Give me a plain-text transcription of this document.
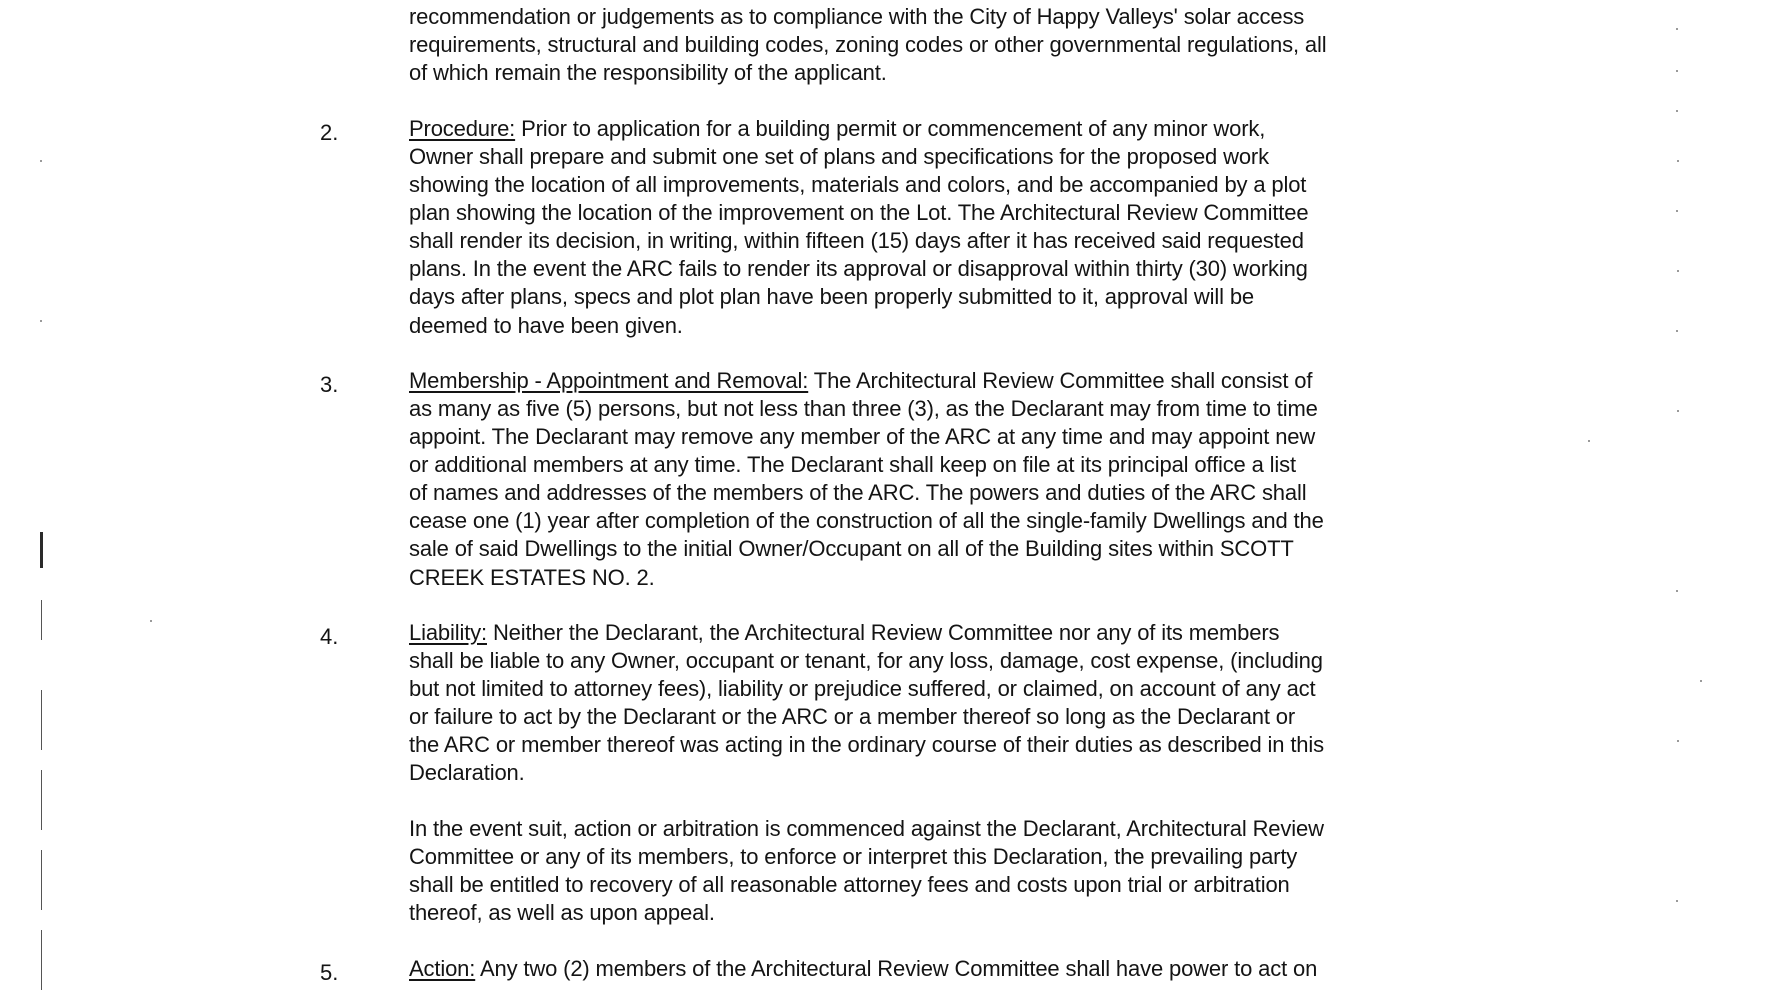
recommendation or judgements as to compliance with the City of Happy Valleys' solar access
requirements, structural and building codes, zoning codes or other governmental regulations, all
of which remain the responsibility of the applicant.
2.	Procedure: Prior to application for a building permit or commencement of any minor work,
Owner shall prepare and submit one set of plans and specifications for the proposed work
showing the location of all improvements, materials and colors, and be accompanied by a plot
plan showing the location of the improvement on the Lot. The Architectural Review Committee
shall render its decision, in writing, within fifteen (15) days after it has received said requested
plans. In the event the ARC fails to render its approval or disapproval within thirty (30) working
days after plans, specs and plot plan have been properly submitted to it, approval will be
deemed to have been given.
3.	Membership - Appointment and Removal: The Architectural Review Committee shall consist of
as many as five (5) persons, but not less than three (3), as the Declarant may from time to time
appoint. The Declarant may remove any member of the ARC at any time and may appoint new
or additional members at any time. The Declarant shall keep on file at its principal office a list
of names and addresses of the members of the ARC. The powers and duties of the ARC shall
cease one (1) year after completion of the construction of all the single-family Dwellings and the
sale of said Dwellings to the initial Owner/Occupant on all of the Building sites within SCOTT
CREEK ESTATES NO. 2.
4.	Liability: Neither the Declarant, the Architectural Review Committee nor any of its members
shall be liable to any Owner, occupant or tenant, for any loss, damage, cost expense, (including
but not limited to attorney fees), liability or prejudice suffered, or claimed, on account of any act
or failure to act by the Declarant or the ARC or a member thereof so long as the Declarant or
the ARC or member thereof was acting in the ordinary course of their duties as described in this
Declaration.
In the event suit, action or arbitration is commenced against the Declarant, Architectural Review
Committee or any of its members, to enforce or interpret this Declaration, the prevailing party
shall be entitled to recovery of all reasonable attorney fees and costs upon trial or arbitration
thereof, as well as upon appeal.
5.	Action: Any two (2) members of the Architectural Review Committee shall have power to act on
